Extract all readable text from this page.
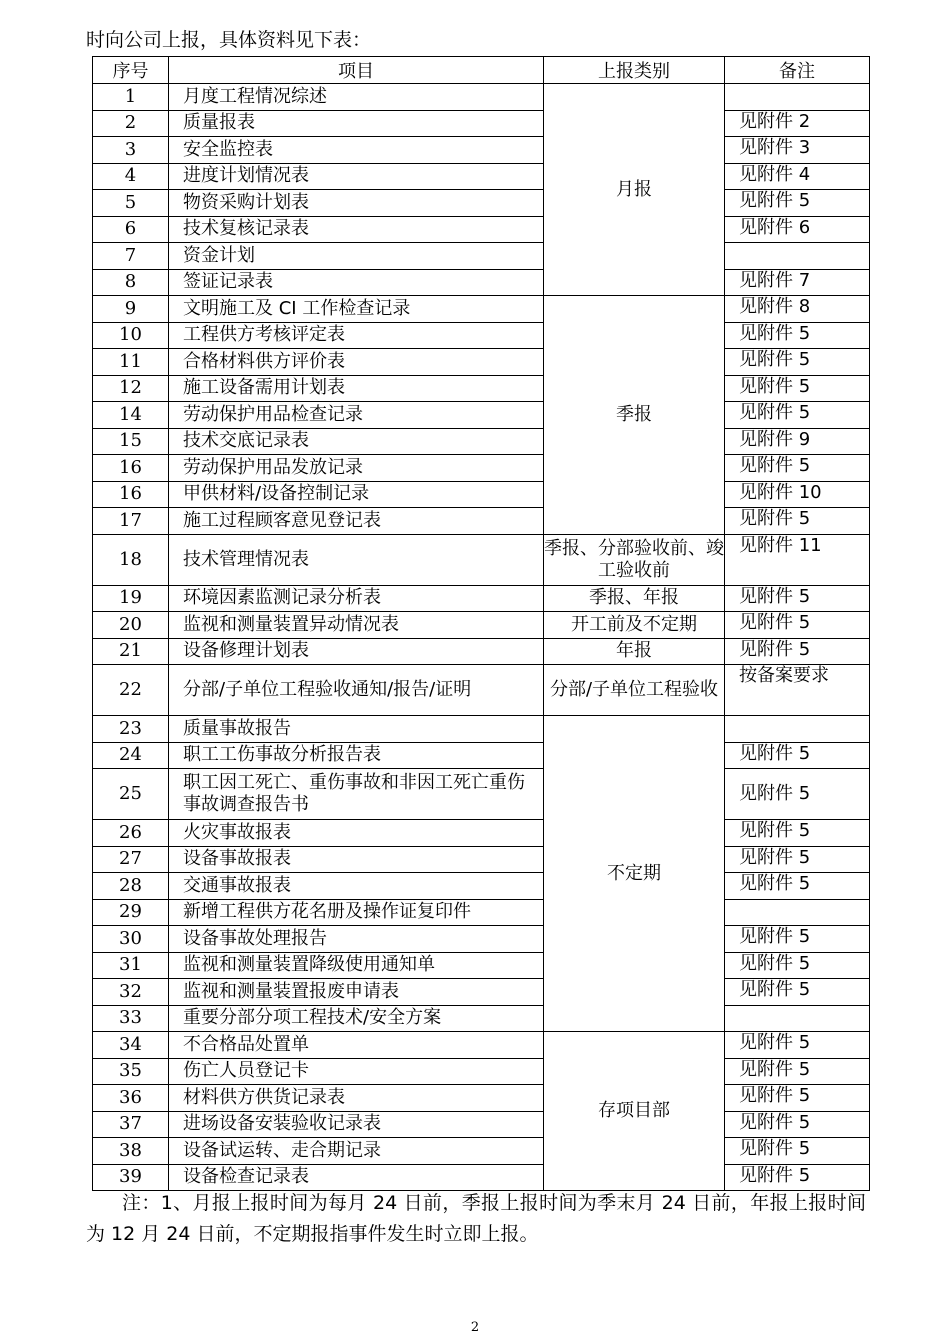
时向公司上报，具体资料见下表：
序号	项目	上报类别	备注
1	月度工程情况综述	月报	
2	质量报表		见附件 2
3	安全监控表		见附件 3
4	进度计划情况表		见附件 4
5	物资采购计划表		见附件 5
6	技术复核记录表		见附件 6
7	资金计划		
8	签证记录表		见附件 7
9	文明施工及 CI 工作检查记录	季报	见附件 8
10	工程供方考核评定表		见附件 5
11	合格材料供方评价表		见附件 5
12	施工设备需用计划表		见附件 5
14	劳动保护用品检查记录		见附件 5
15	技术交底记录表		见附件 9
16	劳动保护用品发放记录		见附件 5
16	甲供材料/设备控制记录		见附件 10
17	施工过程顾客意见登记表		见附件 5
18	技术管理情况表	季报、分部验收前、竣工验收前	见附件 11
19	环境因素监测记录分析表	季报、年报	见附件 5
20	监视和测量装置异动情况表	开工前及不定期	见附件 5
21	设备修理计划表	年报	见附件 5
22	分部/子单位工程验收通知/报告/证明	分部/子单位工程验收	按备案要求
23	质量事故报告	不定期	
24	职工工伤事故分析报告表		见附件 5
25	职工因工死亡、重伤事故和非因工死亡重伤事故调查报告书		见附件 5
26	火灾事故报表		见附件 5
27	设备事故报表		见附件 5
28	交通事故报表		见附件 5
29	新增工程供方花名册及操作证复印件		
30	设备事故处理报告		见附件 5
31	监视和测量装置降级使用通知单		见附件 5
32	监视和测量装置报废申请表		见附件 5
33	重要分部分项工程技术/安全方案		
34	不合格品处置单	存项目部	见附件 5
35	伤亡人员登记卡		见附件 5
36	材料供方供货记录表		见附件 5
37	进场设备安装验收记录表		见附件 5
38	设备试运转、走合期记录		见附件 5
39	设备检查记录表		见附件 5
注：1、月报上报时间为每月 24 日前，季报上报时间为季末月 24 日前，年报上报时间为 12 月 24 日前，不定期报指事件发生时立即上报。
2
